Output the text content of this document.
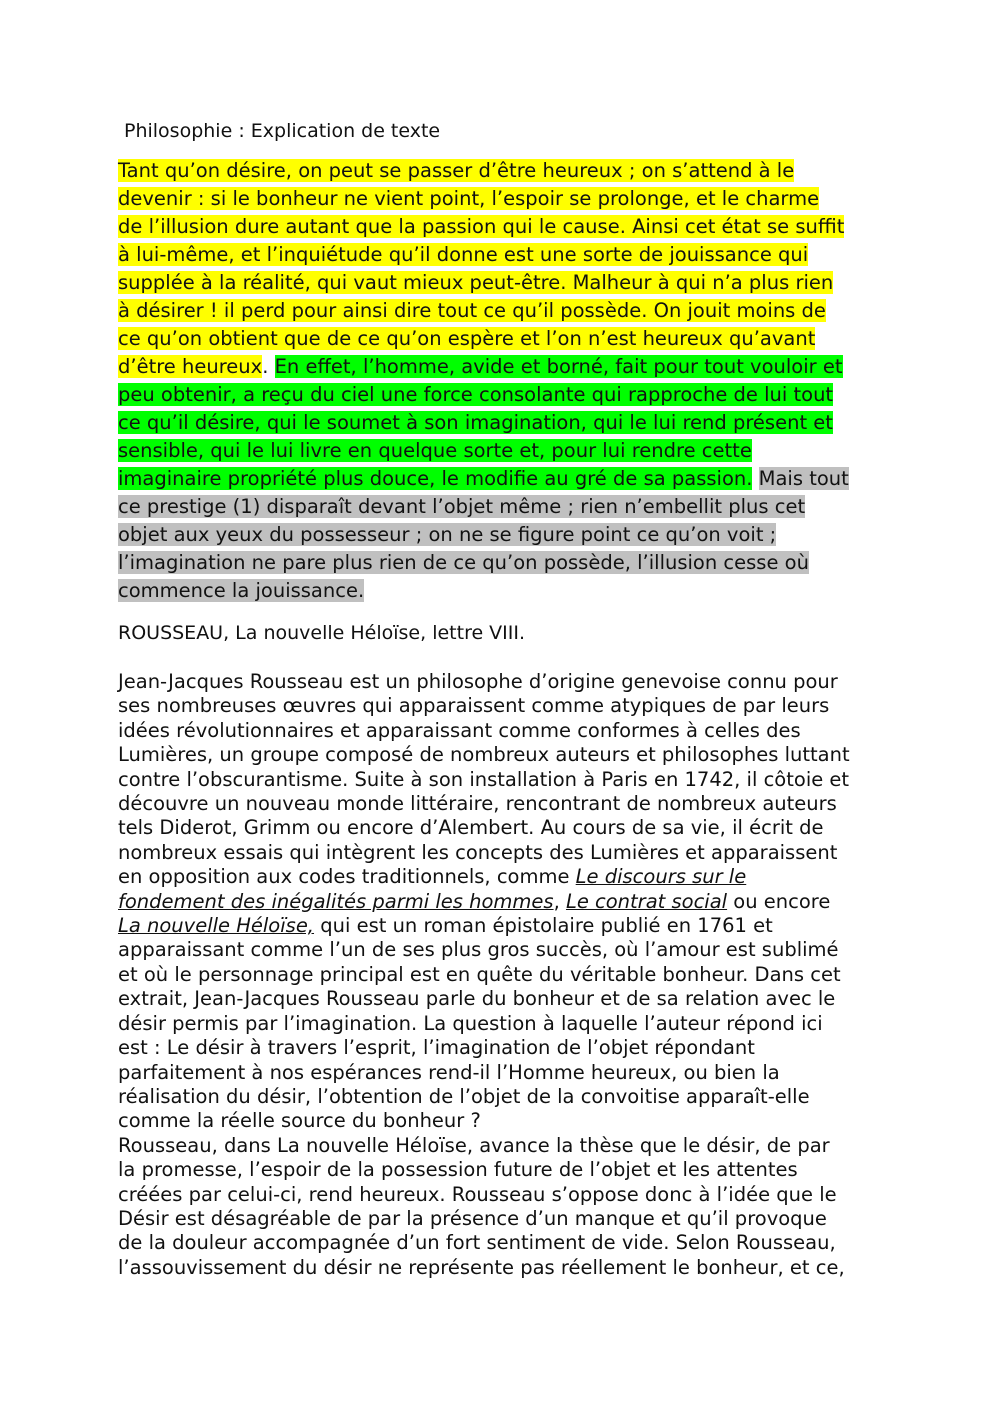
Philosophie : Explication de texte
Tant qu’on désire, on peut se passer d’être heureux ; on s’attend à le
devenir : si le bonheur ne vient point, l’espoir se prolonge, et le charme
de l’illusion dure autant que la passion qui le cause. Ainsi cet état se suffit
à lui-même, et l’inquiétude qu’il donne est une sorte de jouissance qui
supplée à la réalité, qui vaut mieux peut-être. Malheur à qui n’a plus rien
à désirer ! il perd pour ainsi dire tout ce qu’il possède. On jouit moins de
ce qu’on obtient que de ce qu’on espère et l’on n’est heureux qu’avant
d’être heureux. En effet, l’homme, avide et borné, fait pour tout vouloir et
peu obtenir, a reçu du ciel une force consolante qui rapproche de lui tout
ce qu’il désire, qui le soumet à son imagination, qui le lui rend présent et
sensible, qui le lui livre en quelque sorte et, pour lui rendre cette
imaginaire propriété plus douce, le modifie au gré de sa passion. Mais tout
ce prestige (1) disparaît devant l’objet même ; rien n’embellit plus cet
objet aux yeux du possesseur ; on ne se figure point ce qu’on voit ;
l’imagination ne pare plus rien de ce qu’on possède, l’illusion cesse où
commence la jouissance.
ROUSSEAU, La nouvelle Héloïse, lettre VIII.
Jean-Jacques Rousseau est un philosophe d’origine genevoise connu pour
ses nombreuses œuvres qui apparaissent comme atypiques de par leurs
idées révolutionnaires et apparaissant comme conformes à celles des
Lumières, un groupe composé de nombreux auteurs et philosophes luttant
contre l’obscurantisme. Suite à son installation à Paris en 1742, il côtoie et
découvre un nouveau monde littéraire, rencontrant de nombreux auteurs
tels Diderot, Grimm ou encore d’Alembert. Au cours de sa vie, il écrit de
nombreux essais qui intègrent les concepts des Lumières et apparaissent
en opposition aux codes traditionnels, comme Le discours sur le
fondement des inégalités parmi les hommes, Le contrat social ou encore
La nouvelle Héloïse, qui est un roman épistolaire publié en 1761 et
apparaissant comme l’un de ses plus gros succès, où l’amour est sublimé
et où le personnage principal est en quête du véritable bonheur. Dans cet
extrait, Jean-Jacques Rousseau parle du bonheur et de sa relation avec le
désir permis par l’imagination. La question à laquelle l’auteur répond ici
est : Le désir à travers l’esprit, l’imagination de l’objet répondant
parfaitement à nos espérances rend-il l’Homme heureux, ou bien la
réalisation du désir, l’obtention de l’objet de la convoitise apparaît-elle
comme la réelle source du bonheur ?
Rousseau, dans La nouvelle Héloïse, avance la thèse que le désir, de par
la promesse, l’espoir de la possession future de l’objet et les attentes
créées par celui-ci, rend heureux. Rousseau s’oppose donc à l’idée que le
Désir est désagréable de par la présence d’un manque et qu’il provoque
de la douleur accompagnée d’un fort sentiment de vide. Selon Rousseau,
l’assouvissement du désir ne représente pas réellement le bonheur, et ce,
